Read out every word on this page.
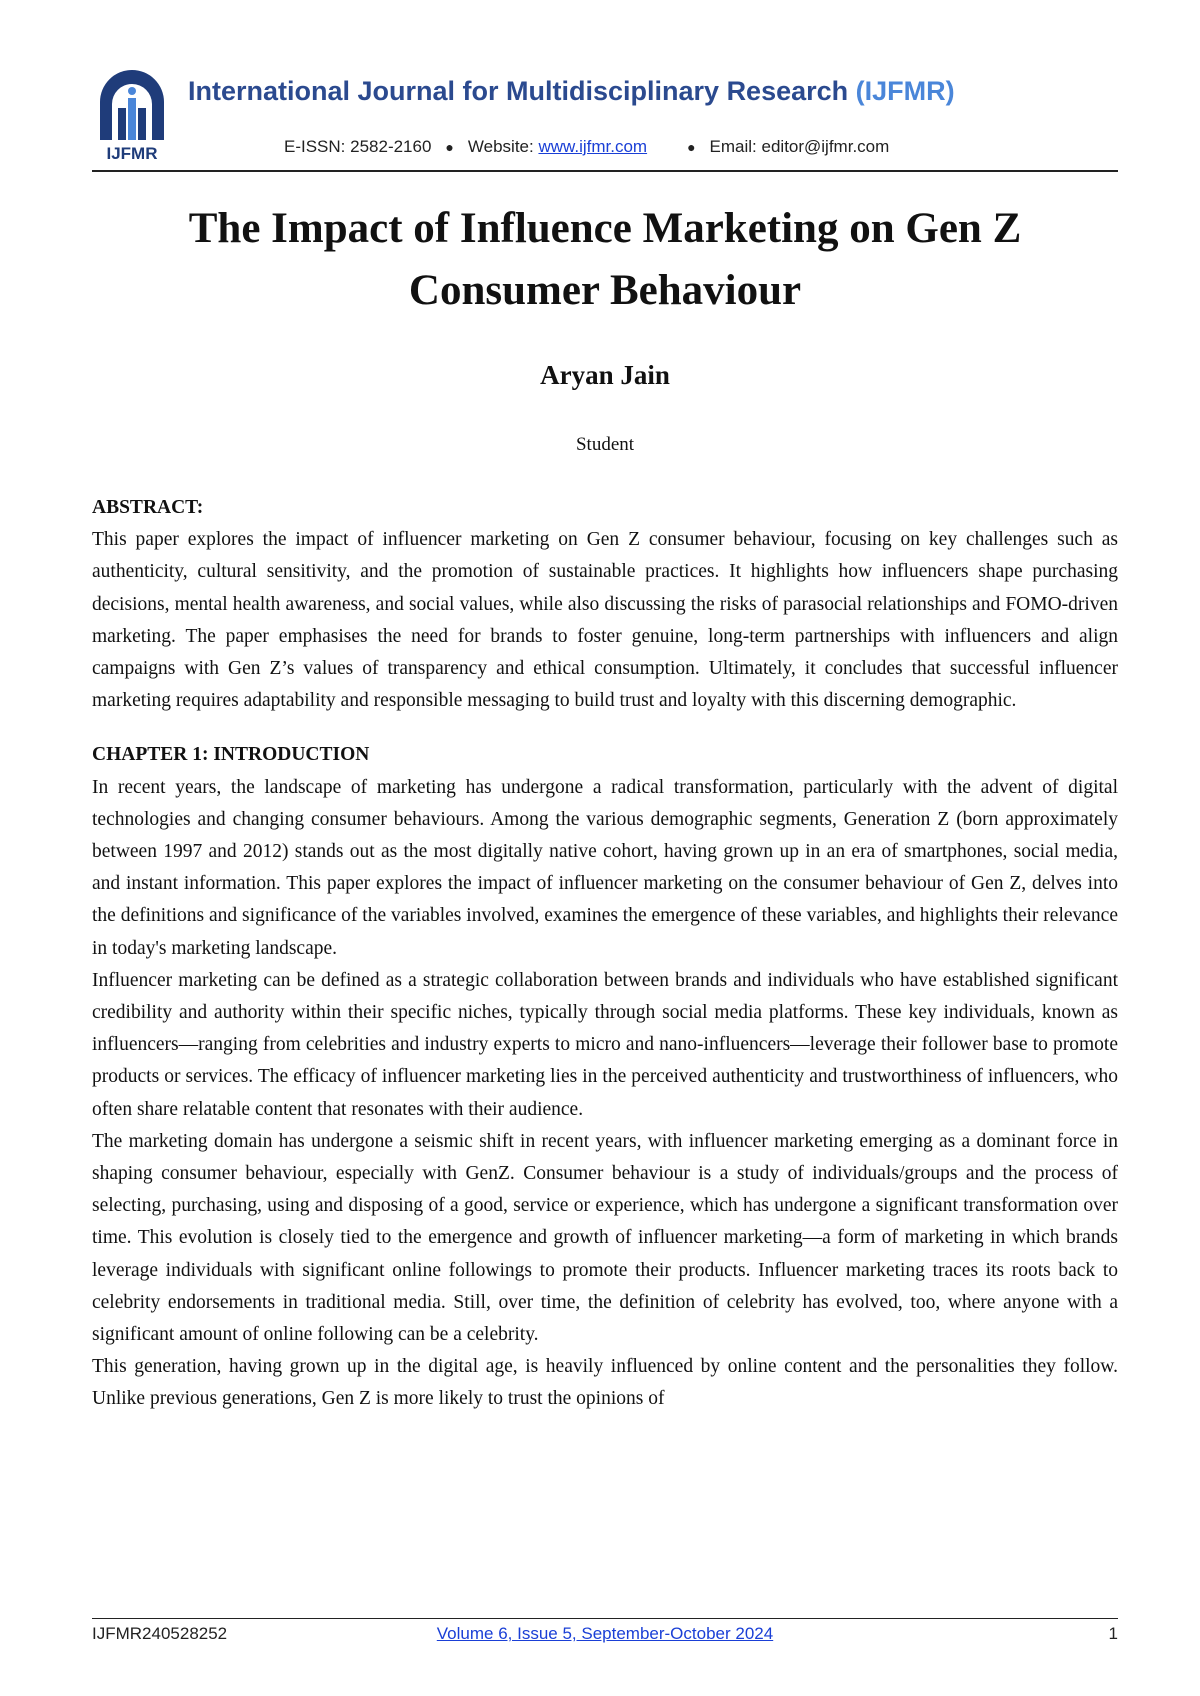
IJFMR
International Journal for Multidisciplinary Research (IJFMR)
E-ISSN: 2582-2160 ● Website: www.ijfmr.com	● Email: editor@ijfmr.com
The Impact of Influence Marketing on Gen Z
Consumer Behaviour
Aryan Jain
Student
ABSTRACT:

This paper explores the impact of influencer marketing on Gen Z consumer behaviour, focusing on key challenges such as authenticity, cultural sensitivity, and the promotion of sustainable practices. It highlights how influencers shape purchasing decisions, mental health awareness, and social values, while also discussing the risks of parasocial relationships and FOMO-driven marketing. The paper emphasises the need for brands to foster genuine, long-term partnerships with influencers and align campaigns with Gen Z’s values of transparency and ethical consumption. Ultimately, it concludes that successful influencer marketing requires adaptability and responsible messaging to build trust and loyalty with this discerning demographic.

CHAPTER 1: INTRODUCTION

In recent years, the landscape of marketing has undergone a radical transformation, particularly with the advent of digital technologies and changing consumer behaviours. Among the various demographic segments, Generation Z (born approximately between 1997 and 2012) stands out as the most digitally native cohort, having grown up in an era of smartphones, social media, and instant information. This paper explores the impact of influencer marketing on the consumer behaviour of Gen Z, delves into the definitions and significance of the variables involved, examines the emergence of these variables, and highlights their relevance in today's marketing landscape.

Influencer marketing can be defined as a strategic collaboration between brands and individuals who have established significant credibility and authority within their specific niches, typically through social media platforms. These key individuals, known as influencers—ranging from celebrities and industry experts to micro and nano-influencers—leverage their follower base to promote products or services. The efficacy of influencer marketing lies in the perceived authenticity and trustworthiness of influencers, who often share relatable content that resonates with their audience.

The marketing domain has undergone a seismic shift in recent years, with influencer marketing emerging as a dominant force in shaping consumer behaviour, especially with GenZ. Consumer behaviour is a study of individuals/groups and the process of selecting, purchasing, using and disposing of a good, service or experience, which has undergone a significant transformation over time. This evolution is closely tied to the emergence and growth of influencer marketing—a form of marketing in which brands leverage individuals with significant online followings to promote their products. Influencer marketing traces its roots back to celebrity endorsements in traditional media. Still, over time, the definition of celebrity has evolved, too, where anyone with a significant amount of online following can be a celebrity.

This generation, having grown up in the digital age, is heavily influenced by online content and the personalities they follow. Unlike previous generations, Gen Z is more likely to trust the opinions of

IJFMR240528252	Volume 6, Issue 5, September-October 2024	1
